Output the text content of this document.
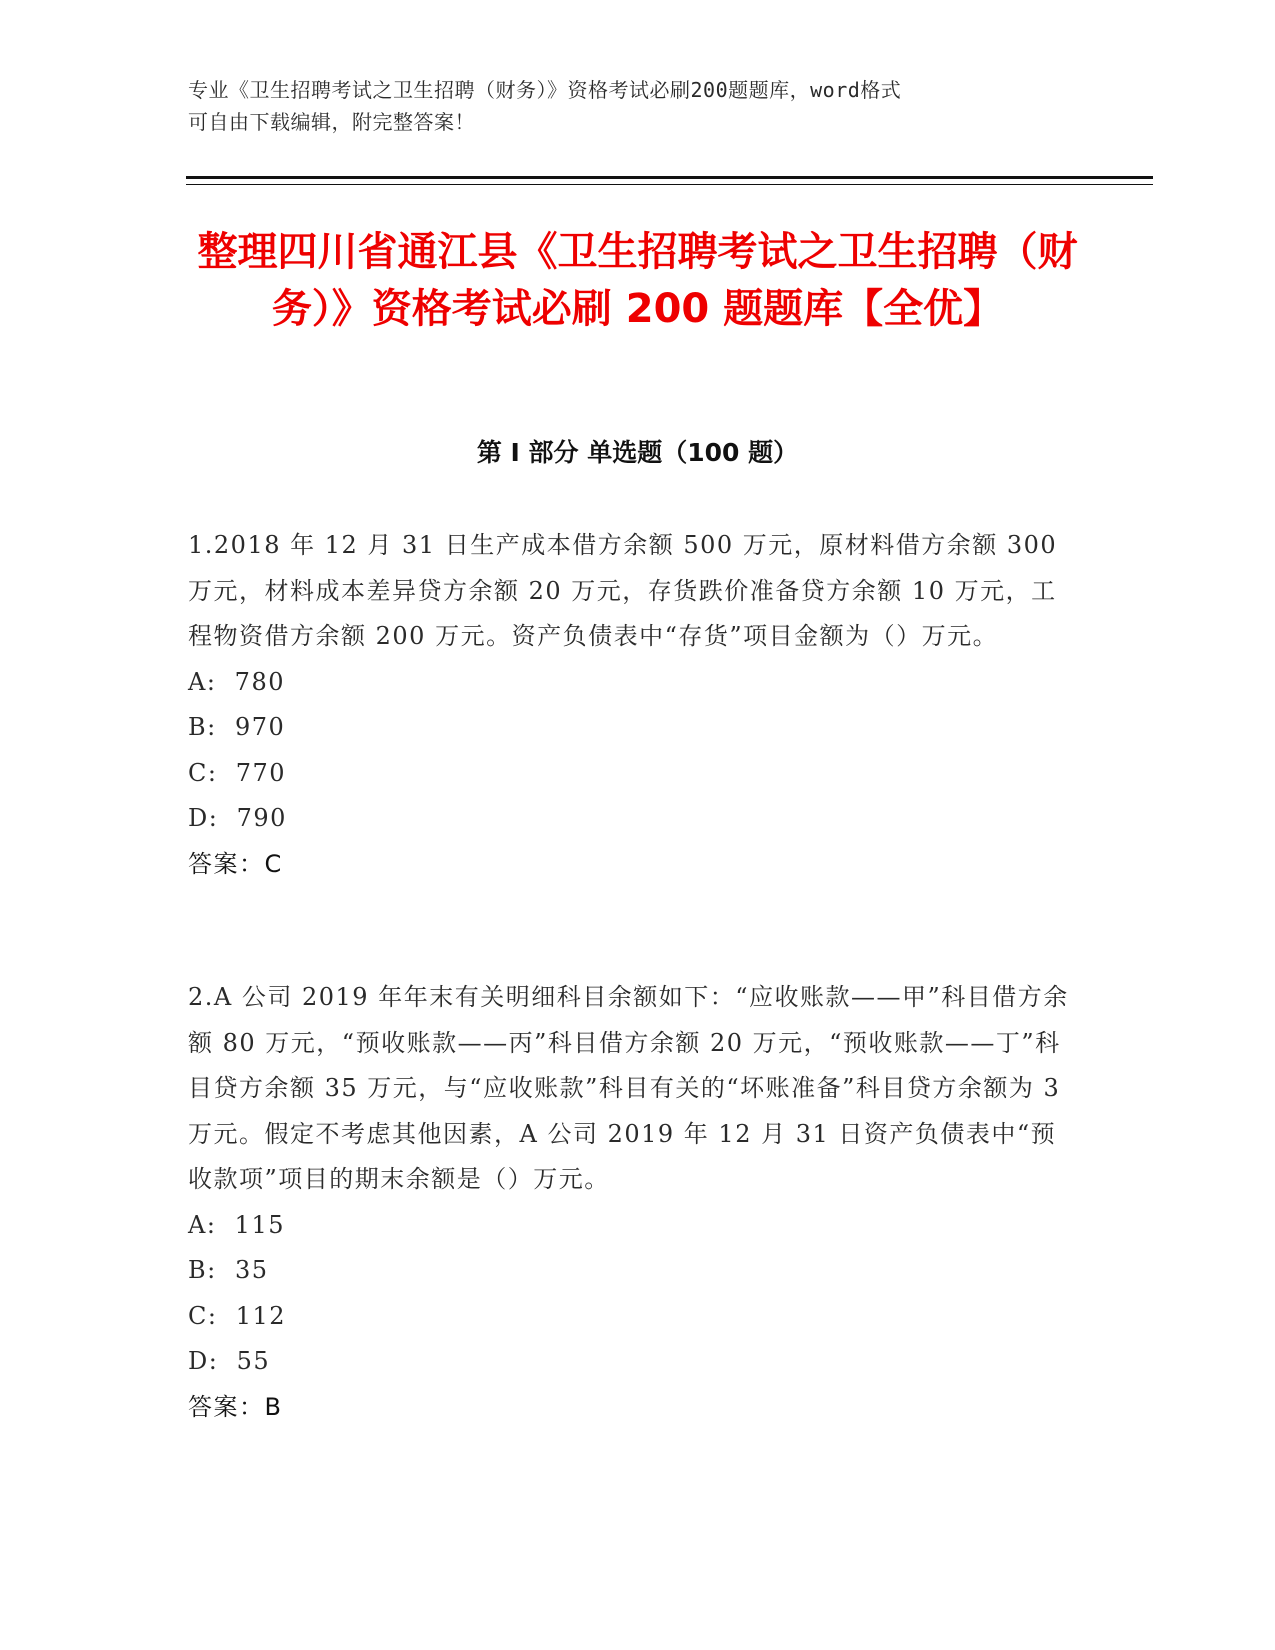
专业《卫生招聘考试之卫生招聘（财务）》资格考试必刷200题题库，word格式
可自由下载编辑，附完整答案！
整理四川省通江县《卫生招聘考试之卫生招聘（财务）》资格考试必刷 200 题题库【全优】
第 I 部分 单选题（100 题）

1.2018 年 12 月 31 日生产成本借方余额 500 万元，原材料借方余额 300 万元，材料成本差异贷方余额 20 万元，存货跌价准备贷方余额 10 万元，工程物资借方余额 200 万元。资产负债表中“存货”项目金额为（）万元。

A:  780

B:  970

C:  770

D:  790

答案：C

2.A 公司 2019 年年末有关明细科目余额如下：“应收账款——甲”科目借方余额 80 万元，“预收账款——丙”科目借方余额 20 万元，“预收账款——丁”科目贷方余额 35 万元，与“应收账款”科目有关的“坏账准备”科目贷方余额为 3 万元。假定不考虑其他因素，A 公司 2019 年 12 月 31 日资产负债表中“预收款项”项目的期末余额是（）万元。

A:  115

B:  35

C:  112

D:  55

答案：B
